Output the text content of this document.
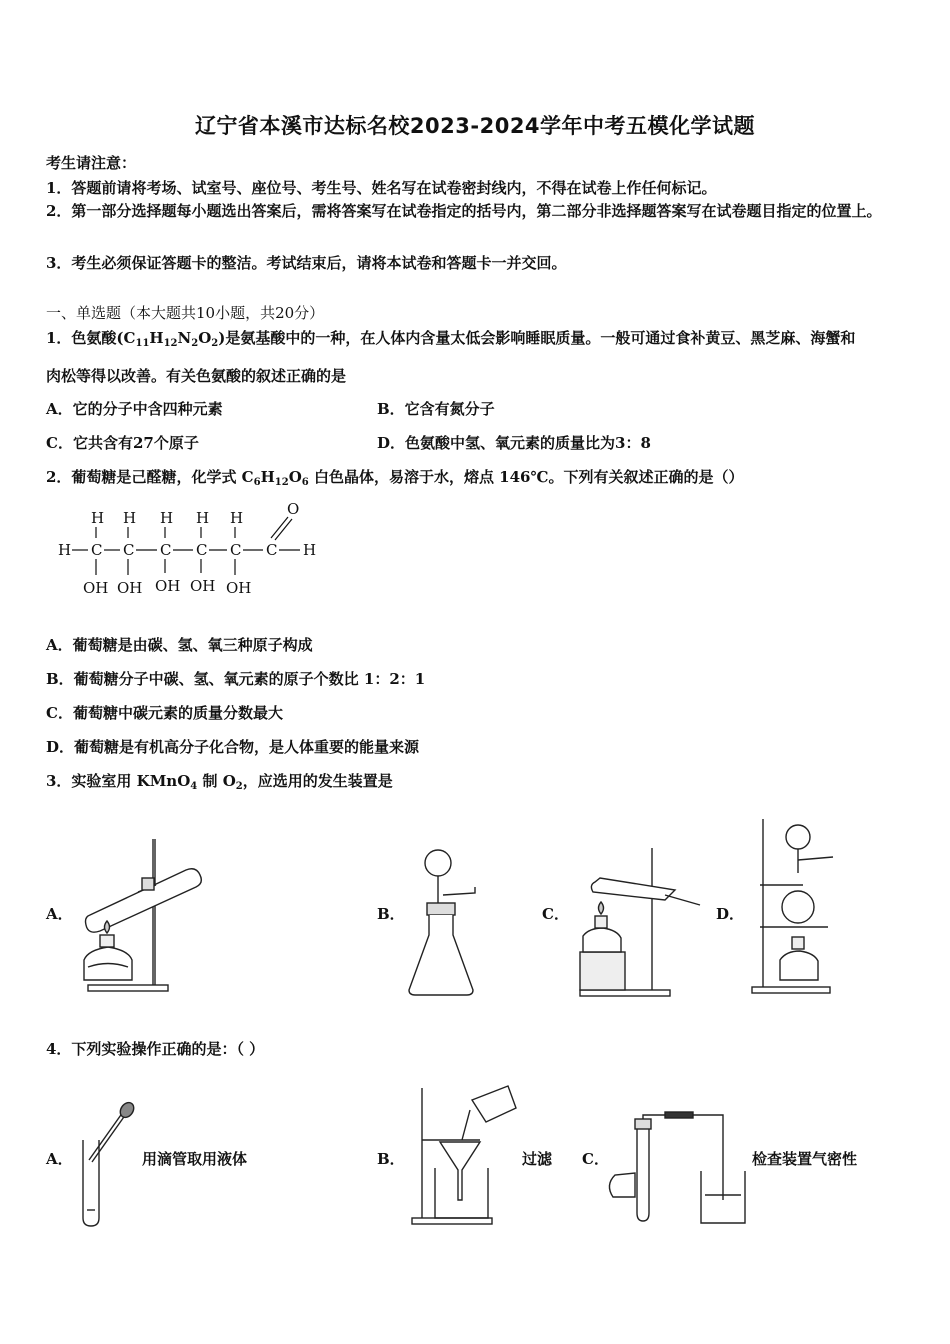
辽宁省本溪市达标名校2023-2024学年中考五模化学试题
考生请注意：
1．答题前请将考场、试室号、座位号、考生号、姓名写在试卷密封线内，不得在试卷上作任何标记。
2．第一部分选择题每小题选出答案后，需将答案写在试卷指定的括号内，第二部分非选择题答案写在试卷题目指定的位置上。
3．考生必须保证答题卡的整洁。考试结束后，请将本试卷和答题卡一并交回。
一、单选题（本大题共10小题，共20分）
1．色氨酸$(C_{11}H_{12}N_2O_2)$是氨基酸中的一种，在人体内含量太低会影响睡眠质量。一般可通过食补黄豆、黑芝麻、海蟹和
肉松等得以改善。有关色氨酸的叙述正确的是
A．它的分子中含四种元素	B．它含有氮分子
C．它共含有27个原子	D．色氨酸中氢、氧元素的质量比为3：8
2．葡萄糖是己醛糖，化学式 $C_6H_{12}O_6$ 白色晶体，易溶于水，熔点 146℃。下列有关叙述正确的是（）
H H H H H
H C C C C C C H
O
OH OH OH OH OH
A．葡萄糖是由碳、氢、氧三种原子构成
B．葡萄糖分子中碳、氢、氧元素的原子个数比 1：2：1
C．葡萄糖中碳元素的质量分数最大
D．葡萄糖是有机高分子化合物，是人体重要的能量来源
3．实验室用 KMnO$_4$ 制 $O_2$，应选用的发生装置是
A．	B．	C．	D．
4．下列实验操作正确的是：（ ）
A．	用滴管取用液体	B．	过滤 C．	检查装置气密性
